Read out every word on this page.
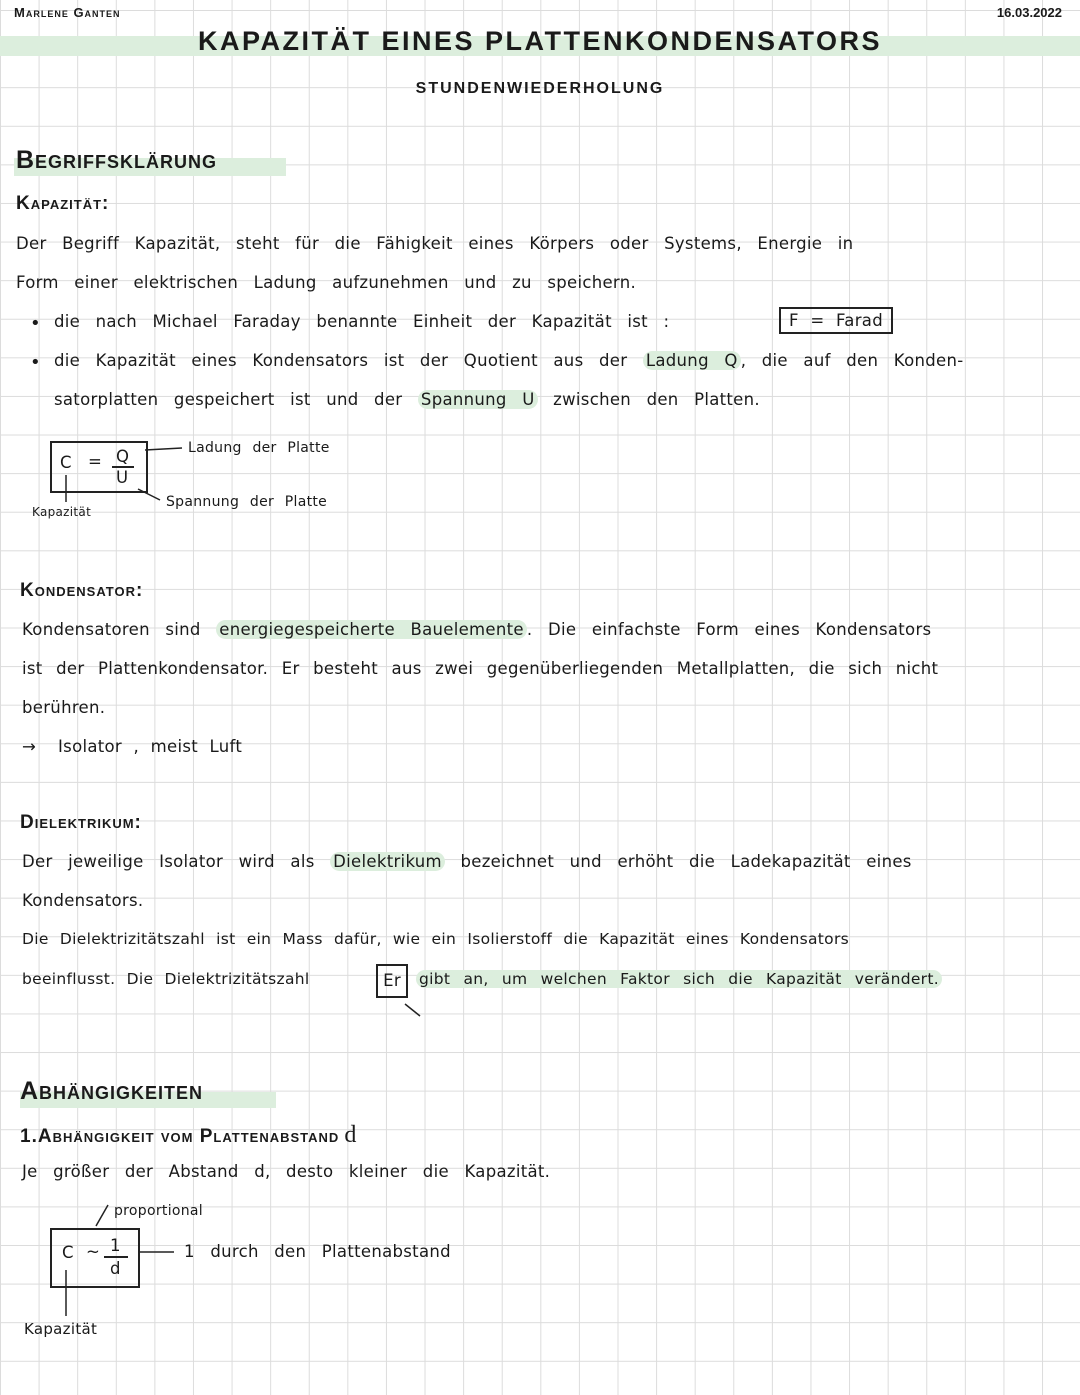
Marlene Ganten	16.03.2022
KAPAZITÄT EINES PLATTENKONDENSATORS
STUNDENWIEDERHOLUNG
Begriffsklärung
Kapazität:
Der Begriff Kapazität, steht für die Fähigkeit eines Körpers oder Systems, Energie in
Form einer elektrischen Ladung aufzunehmen und zu speichern.
• die nach Michael Faraday benannte Einheit der Kapazität ist :	F = Farad
• die Kapazität eines Kondensators ist der Quotient aus der Ladung Q , die auf den Konden-
satorplatten gespeichert ist und der Spannung U zwischen den Platten.
C = Q
U
Ladung der Platte
Spannung der Platte
Kapazität
Kondensator:
Kondensatoren sind energiegespeicherte Bauelemente . Die einfachste Form eines Kondensators
ist der Plattenkondensator. Er besteht aus zwei gegenüberliegenden Metallplatten, die sich nicht
berühren.
→ Isolator , meist Luft
Dielektrikum:
Der jeweilige Isolator wird als Dielektrikum bezeichnet und erhöht die Ladekapazität eines
Kondensators.
Die Dielektrizitätszahl ist ein Mass dafür, wie ein Isolierstoff die Kapazität eines Kondensators
beeinflusst. Die Dielektrizitätszahl	Er	gibt an, um welchen Faktor sich die Kapazität verändert.
Abhängigkeiten
1.Abhängigkeit vom Plattenabstand d
Je größer der Abstand d, desto kleiner die Kapazität.
proportional
C ~ 1
d
1 durch den Plattenabstand
Kapazität
